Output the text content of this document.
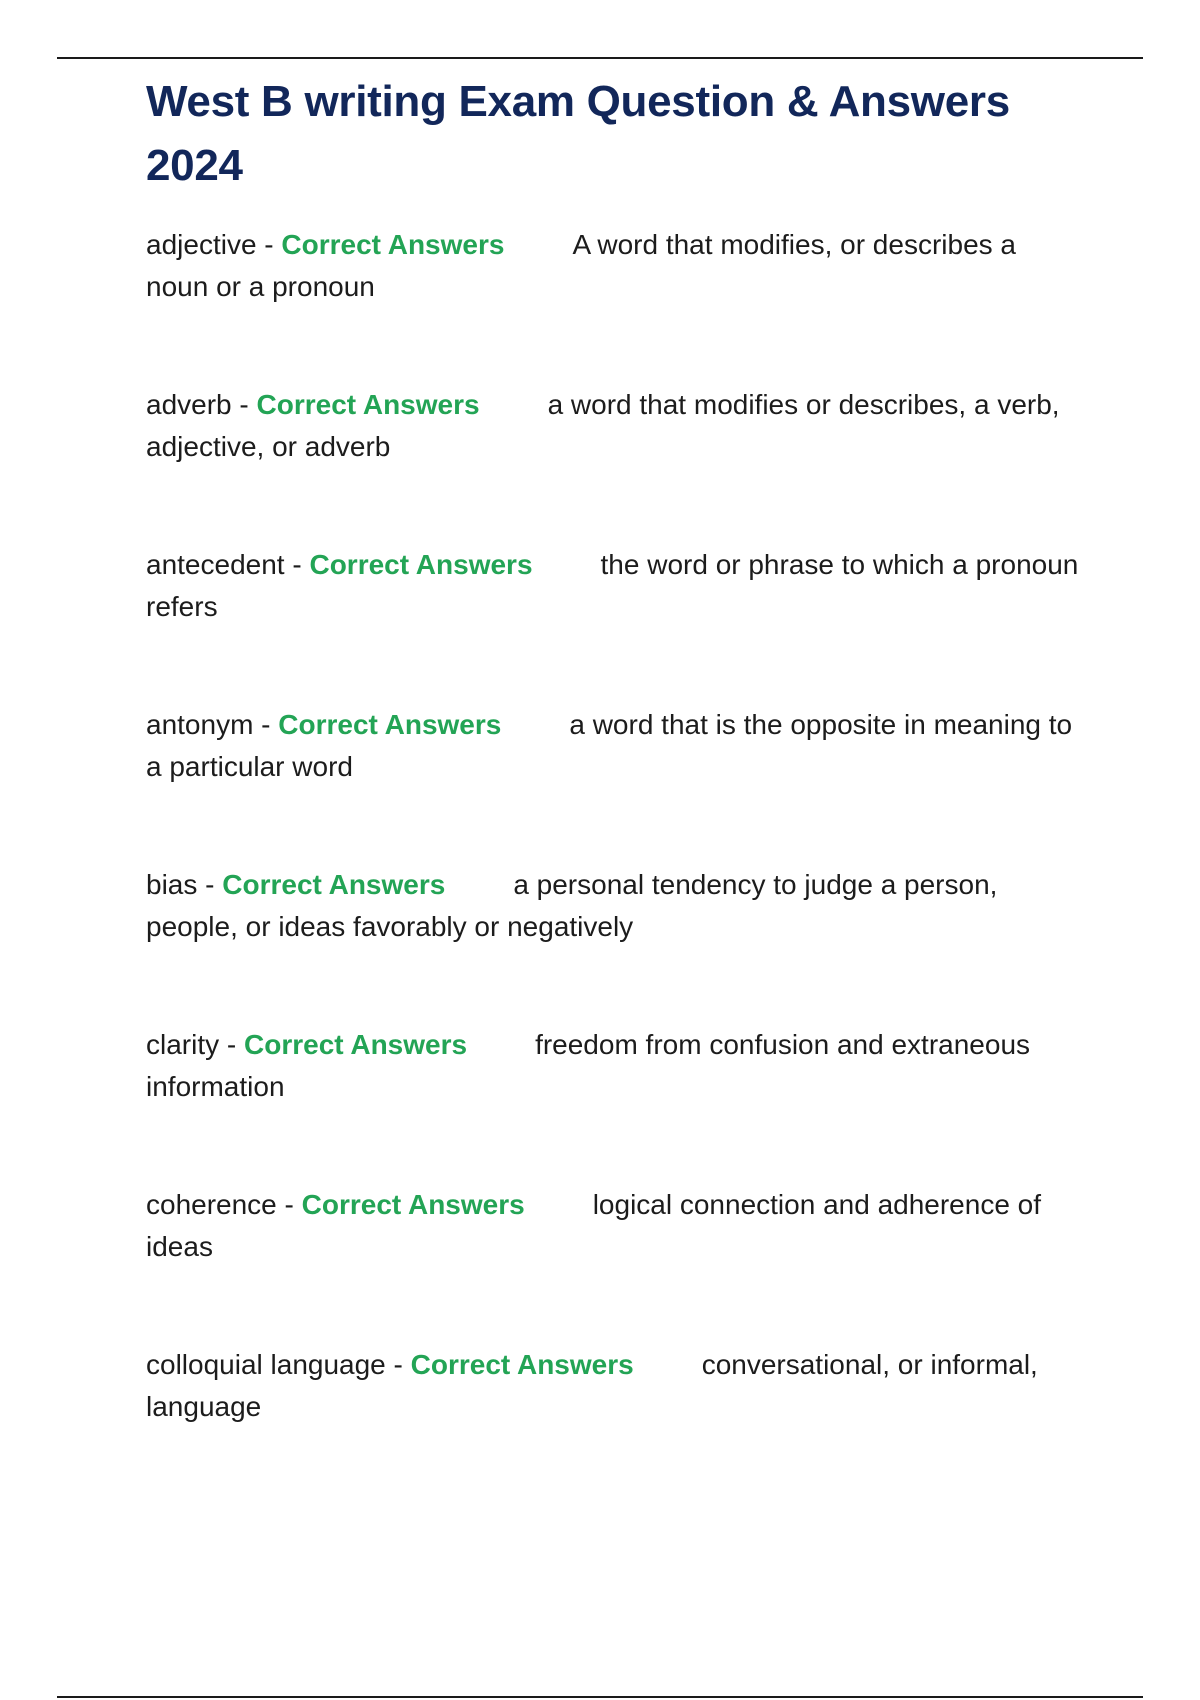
West B writing Exam Question & Answers 2024
adjective - Correct Answers A word that modifies, or describes a noun or a pronoun
adverb - Correct Answers a word that modifies or describes, a verb, adjective, or adverb
antecedent - Correct Answers the word or phrase to which a pronoun refers
antonym - Correct Answers a word that is the opposite in meaning to a particular word
bias - Correct Answers a personal tendency to judge a person, people, or ideas favorably or negatively
clarity - Correct Answers freedom from confusion and extraneous information
coherence - Correct Answers logical connection and adherence of ideas
colloquial language - Correct Answers conversational, or informal, language
